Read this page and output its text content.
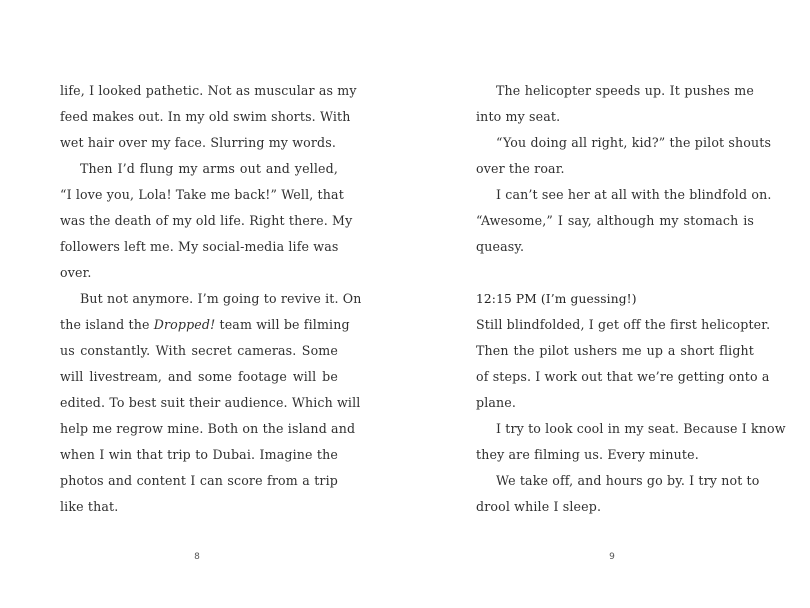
life, I looked pathetic. Not as muscular as my
feed makes out. In my old swim shorts. With
wet hair over my face. Slurring my words.
Then I’d flung my arms out and yelled,
“I love you, Lola! Take me back!” Well, that
was the death of my old life. Right there. My
followers left me. My social-media life was
over.
But not anymore. I’m going to revive it. On
the island the Dropped! team will be filming
us constantly. With secret cameras. Some
will livestream, and some footage will be
edited. To best suit their audience. Which will
help me regrow mine. Both on the island and
when I win that trip to Dubai. Imagine the
photos and content I can score from a trip
like that.
The helicopter speeds up. It pushes me
into my seat.
“You doing all right, kid?” the pilot shouts
over the roar.
I can’t see her at all with the blindfold on.
“Awesome,” I say, although my stomach is
queasy.
12:15 PM (I’m guessing!)
Still blindfolded, I get off the first helicopter.
Then the pilot ushers me up a short flight
of steps. I work out that we’re getting onto a
plane.
I try to look cool in my seat. Because I know
they are filming us. Every minute.
We take off, and hours go by. I try not to
drool while I sleep.
8	9
